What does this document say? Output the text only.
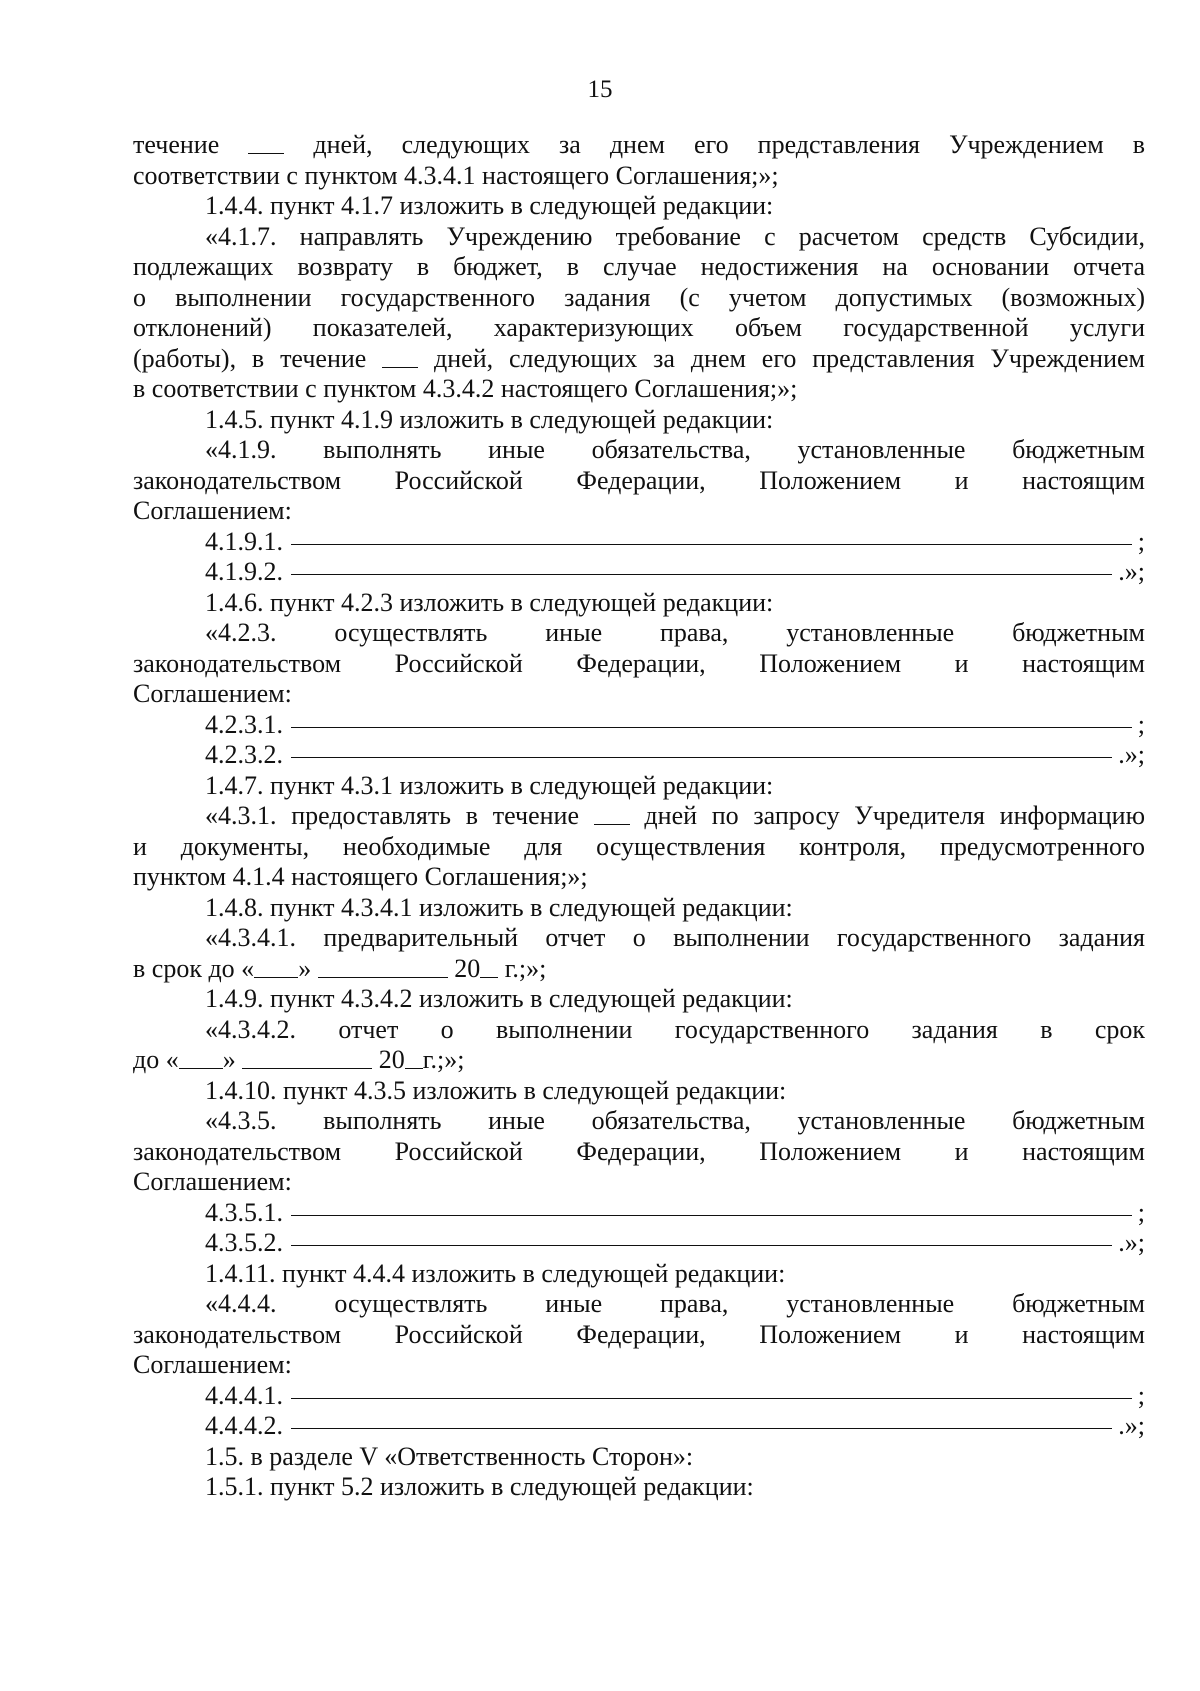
15
течение	дней, следующих за днем его представления Учреждением в
соответствии с пунктом 4.3.4.1 настоящего Соглашения;»;
1.4.4. пункт 4.1.7 изложить в следующей редакции:
«4.1.7. направлять Учреждению требование с расчетом средств Субсидии,
подлежащих возврату в бюджет, в случае недостижения на основании отчета
о выполнении государственного задания (с учетом допустимых (возможных)
отклонений) показателей, характеризующих объем государственной услуги
(работы), в течение	дней, следующих за днем его представления Учреждением
в соответствии с пунктом 4.3.4.2 настоящего Соглашения;»;
1.4.5. пункт 4.1.9 изложить в следующей редакции:
«4.1.9. выполнять иные обязательства, установленные бюджетным
законодательством Российской Федерации, Положением и настоящим
Соглашением:
4.1.9.1.	;
4.1.9.2.	.»;
1.4.6. пункт 4.2.3 изложить в следующей редакции:
«4.2.3. осуществлять иные права, установленные бюджетным
законодательством Российской Федерации, Положением и настоящим
Соглашением:
4.2.3.1.	;
4.2.3.2.	.»;
1.4.7. пункт 4.3.1 изложить в следующей редакции:
«4.3.1. предоставлять в течение	дней по запросу Учредителя информацию
и документы, необходимые для осуществления контроля, предусмотренного
пунктом 4.1.4 настоящего Соглашения;»;
1.4.8. пункт 4.3.4.1 изложить в следующей редакции:
«4.3.4.1. предварительный отчет о выполнении государственного задания
в срок до « »	20 г.;»;
1.4.9. пункт 4.3.4.2 изложить в следующей редакции:
«4.3.4.2. отчет о выполнении государственного задания в срок
до « »	20 г.;»;
1.4.10. пункт 4.3.5 изложить в следующей редакции:
«4.3.5. выполнять иные обязательства, установленные бюджетным
законодательством Российской Федерации, Положением и настоящим
Соглашением:
4.3.5.1.	;
4.3.5.2.	.»;
1.4.11. пункт 4.4.4 изложить в следующей редакции:
«4.4.4. осуществлять иные права, установленные бюджетным
законодательством Российской Федерации, Положением и настоящим
Соглашением:
4.4.4.1.	;
4.4.4.2.	.»;
1.5. в разделе V «Ответственность Сторон»:
1.5.1. пункт 5.2 изложить в следующей редакции:
